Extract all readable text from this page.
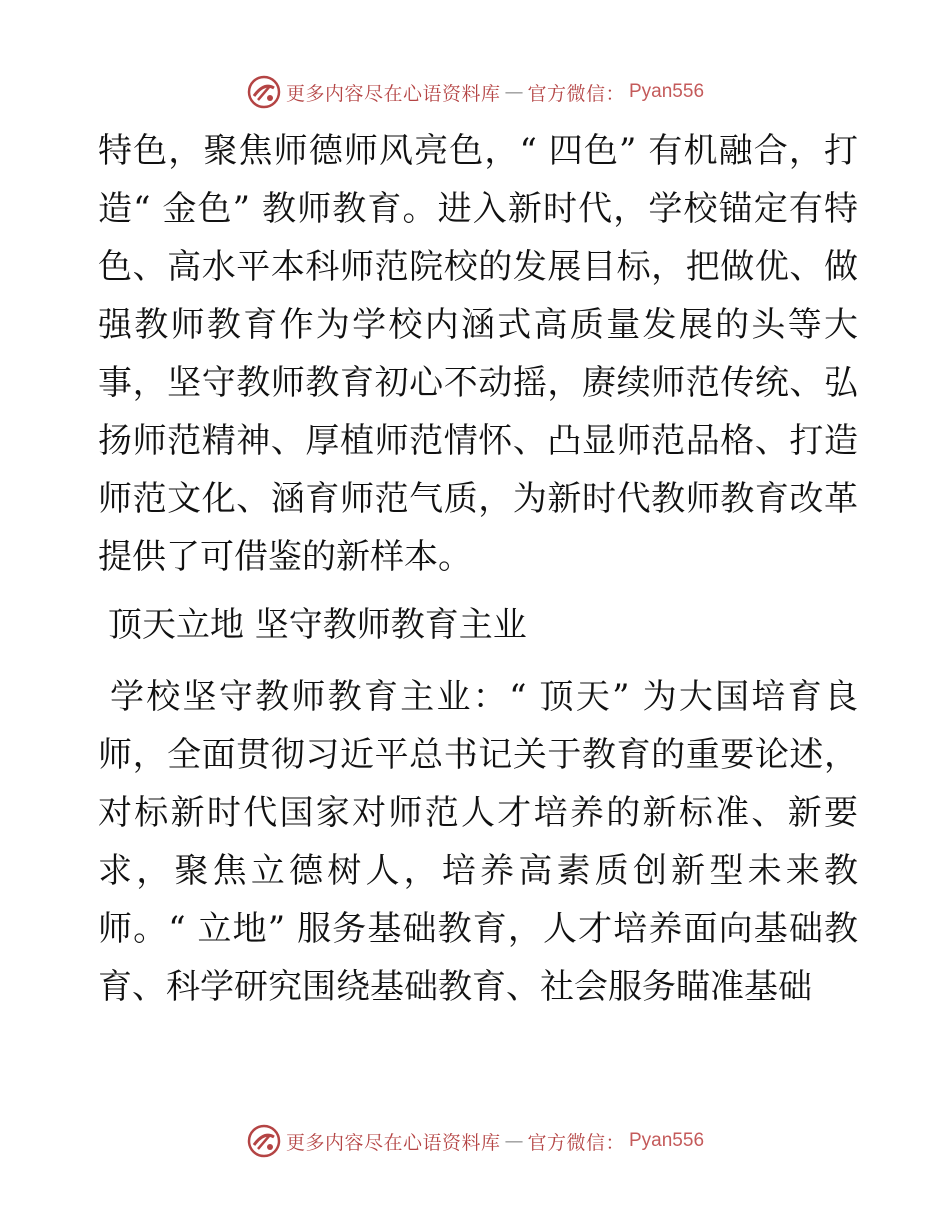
更多内容尽在心语资料库 — 官方微信： Pyan556

特色，聚焦师德师风亮色，“ 四色” 有机融合，打造“ 金色” 教师教育。进入新时代，学校锚定有特色、高水平本科师范院校的发展目标，把做优、做强教师教育作为学校内涵式高质量发展的头等大事，坚守教师教育初心不动摇，赓续师范传统、弘扬师范精神、厚植师范情怀、凸显师范品格、打造师范文化、涵育师范气质，为新时代教师教育改革提供了可借鉴的新样本。

顶天立地 坚守教师教育主业

学校坚守教师教育主业：“ 顶天” 为大国培育良师，全面贯彻习近平总书记关于教育的重要论述，对标新时代国家对师范人才培养的新标准、新要求，聚焦立德树人，培养高素质创新型未来教师。“ 立地” 服务基础教育，人才培养面向基础教育、科学研究围绕基础教育、社会服务瞄准基础

更多内容尽在心语资料库 — 官方微信： Pyan556
